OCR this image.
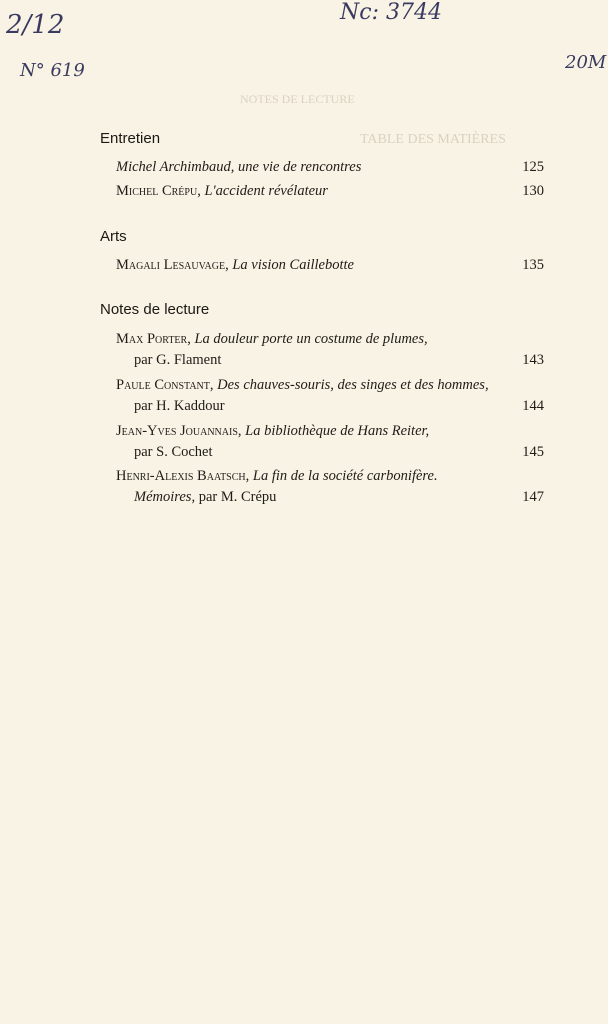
TABLE DES MATIÈRES
NOTES DE LECTURE
2/12
N° 619
Nc: 3744
20M
Entretien
Michel Archimbaud, une vie de rencontres	125
Michel Crépu, L'accident révélateur	130
Arts
Magali Lesauvage, La vision Caillebotte	135
Notes de lecture
Max Porter, La douleur porte un costume de plumes,
par G. Flament	143
Paule Constant, Des chauves-souris, des singes et des hommes,
par H. Kaddour	144
Jean-Yves Jouannais, La bibliothèque de Hans Reiter,
par S. Cochet	145
Henri-Alexis Baatsch, La fin de la société carbonifère.
Mémoires, par M. Crépu	147
